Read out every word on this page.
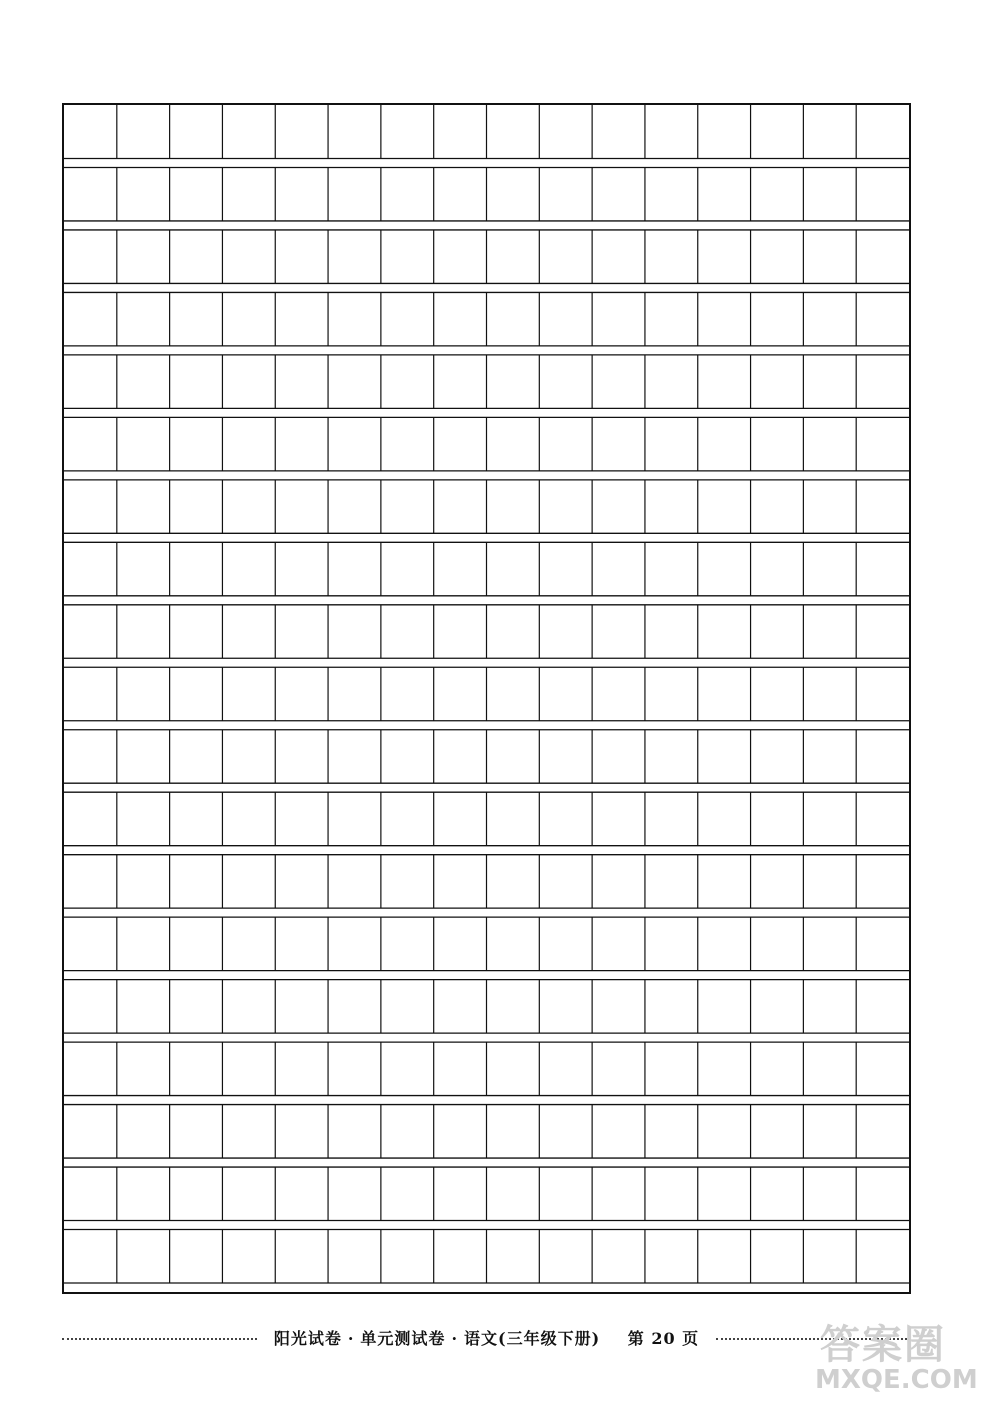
阳光试卷 · 单元测试卷 · 语文(三年级下册) 第 20 页	答案圈
MXQE.COM
